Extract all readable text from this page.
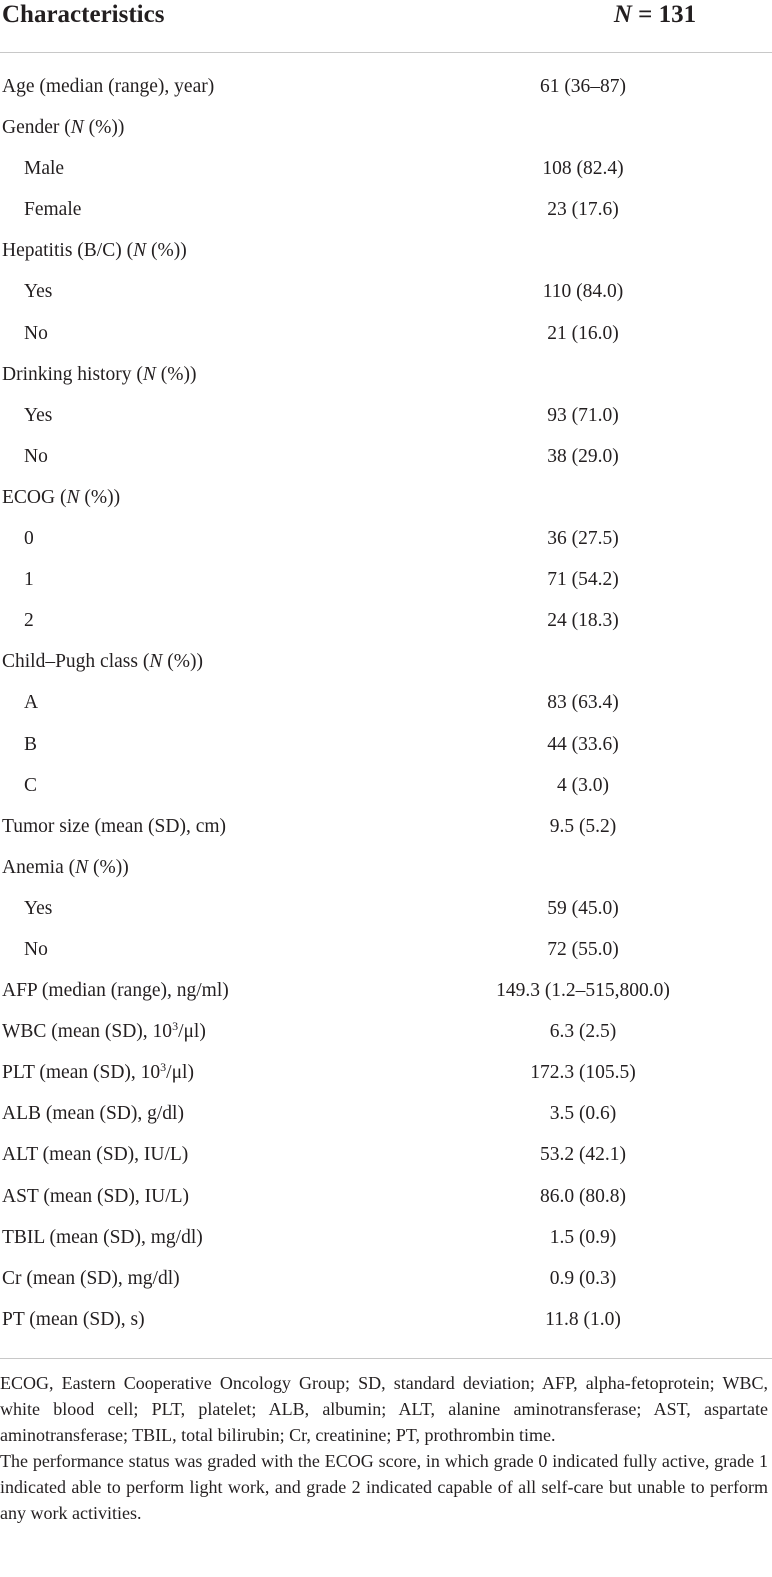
Characteristics	N = 131
Age (median (range), year)	61 (36–87)
Gender (N (%))
Male	108 (82.4)
Female	23 (17.6)
Hepatitis (B/C) (N (%))
Yes	110 (84.0)
No	21 (16.0)
Drinking history (N (%))
Yes	93 (71.0)
No	38 (29.0)
ECOG (N (%))
0	36 (27.5)
1	71 (54.2)
2	24 (18.3)
Child–Pugh class (N (%))
A	83 (63.4)
B	44 (33.6)
C	4 (3.0)
Tumor size (mean (SD), cm)	9.5 (5.2)
Anemia (N (%))
Yes	59 (45.0)
No	72 (55.0)
AFP (median (range), ng/ml)	149.3 (1.2–515,800.0)
WBC (mean (SD), $10^3/\mu l$)	6.3 (2.5)
PLT (mean (SD), $10^3/\mu l$)	172.3 (105.5)
ALB (mean (SD), g/dl)	3.5 (0.6)
ALT (mean (SD), IU/L)	53.2 (42.1)
AST (mean (SD), IU/L)	86.0 (80.8)
TBIL (mean (SD), mg/dl)	1.5 (0.9)
Cr (mean (SD), mg/dl)	0.9 (0.3)
PT (mean (SD), s)	11.8 (1.0)

ECOG, Eastern Cooperative Oncology Group; SD, standard deviation; AFP, alpha-fetoprotein; WBC, white blood cell; PLT, platelet; ALB, albumin; ALT, alanine aminotransferase; AST, aspartate aminotransferase; TBIL, total bilirubin; Cr, creatinine; PT, prothrombin time.

The performance status was graded with the ECOG score, in which grade 0 indicated fully active, grade 1 indicated able to perform light work, and grade 2 indicated capable of all self-care but unable to perform any work activities.
